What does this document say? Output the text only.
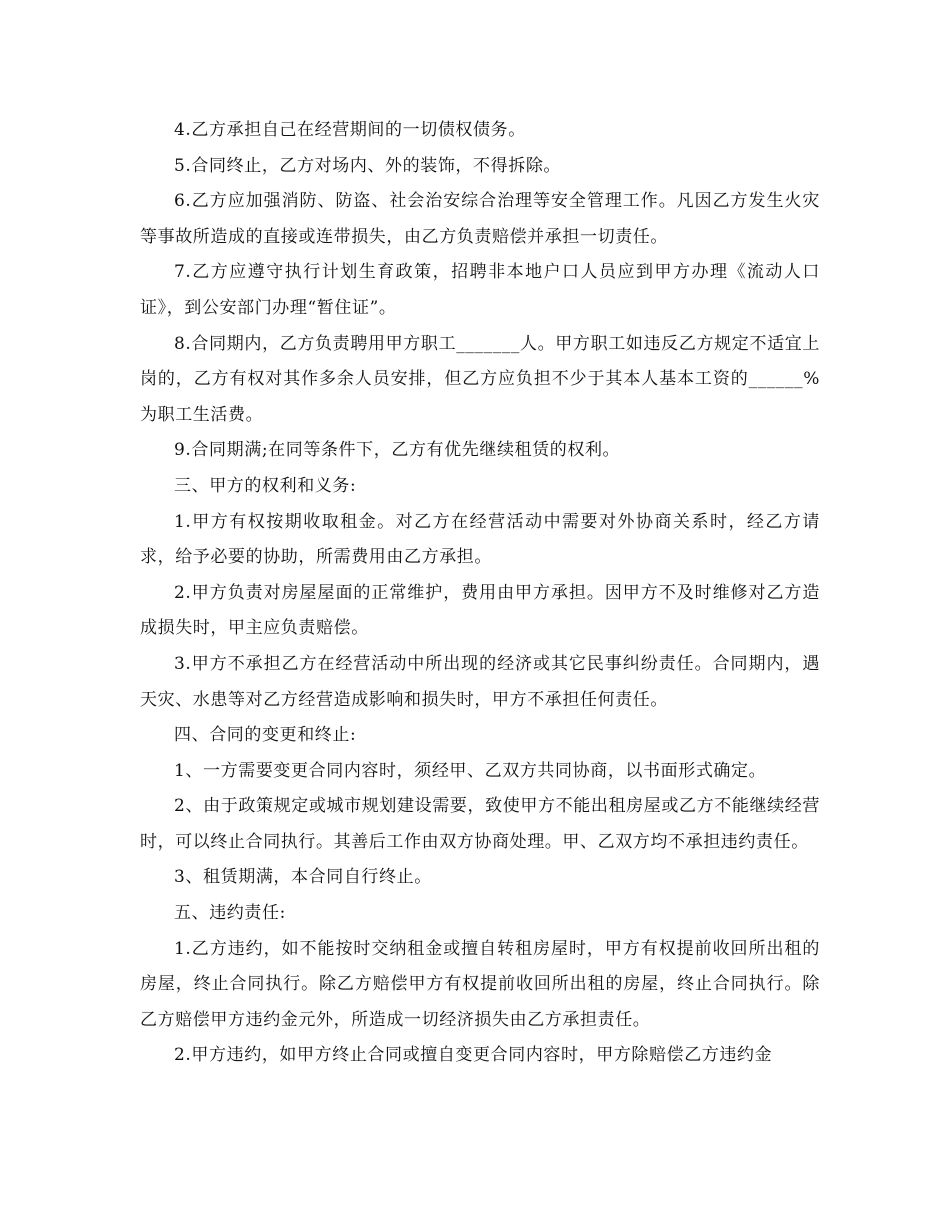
4.乙方承担自己在经营期间的一切债权债务。

5.合同终止，乙方对场内、外的装饰，不得拆除。

6.乙方应加强消防、防盗、社会治安综合治理等安全管理工作。凡因乙方发生火灾等事故所造成的直接或连带损失，由乙方负责赔偿并承担一切责任。

7.乙方应遵守执行计划生育政策，招聘非本地户口人员应到甲方办理《流动人口证》，到公安部门办理“暂住证”。

8.合同期内，乙方负责聘用甲方职工_______人。甲方职工如违反乙方规定不适宜上岗的，乙方有权对其作多余人员安排，但乙方应负担不少于其本人基本工资的______%为职工生活费。

9.合同期满;在同等条件下，乙方有优先继续租赁的权利。

三、甲方的权利和义务:

1.甲方有权按期收取租金。对乙方在经营活动中需要对外协商关系时，经乙方请求，给予必要的协助，所需费用由乙方承担。

2.甲方负责对房屋屋面的正常维护，费用由甲方承担。因甲方不及时维修对乙方造成损失时，甲主应负责赔偿。

3.甲方不承担乙方在经营活动中所出现的经济或其它民事纠纷责任。合同期内，遇天灾、水患等对乙方经营造成影响和损失时，甲方不承担任何责任。

四、合同的变更和终止:

1、一方需要变更合同内容时，须经甲、乙双方共同协商，以书面形式确定。

2、由于政策规定或城市规划建设需要，致使甲方不能出租房屋或乙方不能继续经营时，可以终止合同执行。其善后工作由双方协商处理。甲、乙双方均不承担违约责任。

3、租赁期满，本合同自行终止。

五、违约责任:

1.乙方违约，如不能按时交纳租金或擅自转租房屋时，甲方有权提前收回所出租的房屋，终止合同执行。除乙方赔偿甲方有权提前收回所出租的房屋，终止合同执行。除乙方赔偿甲方违约金元外，所造成一切经济损失由乙方承担责任。

2.甲方违约，如甲方终止合同或擅自变更合同内容时，甲方除赔偿乙方违约金
